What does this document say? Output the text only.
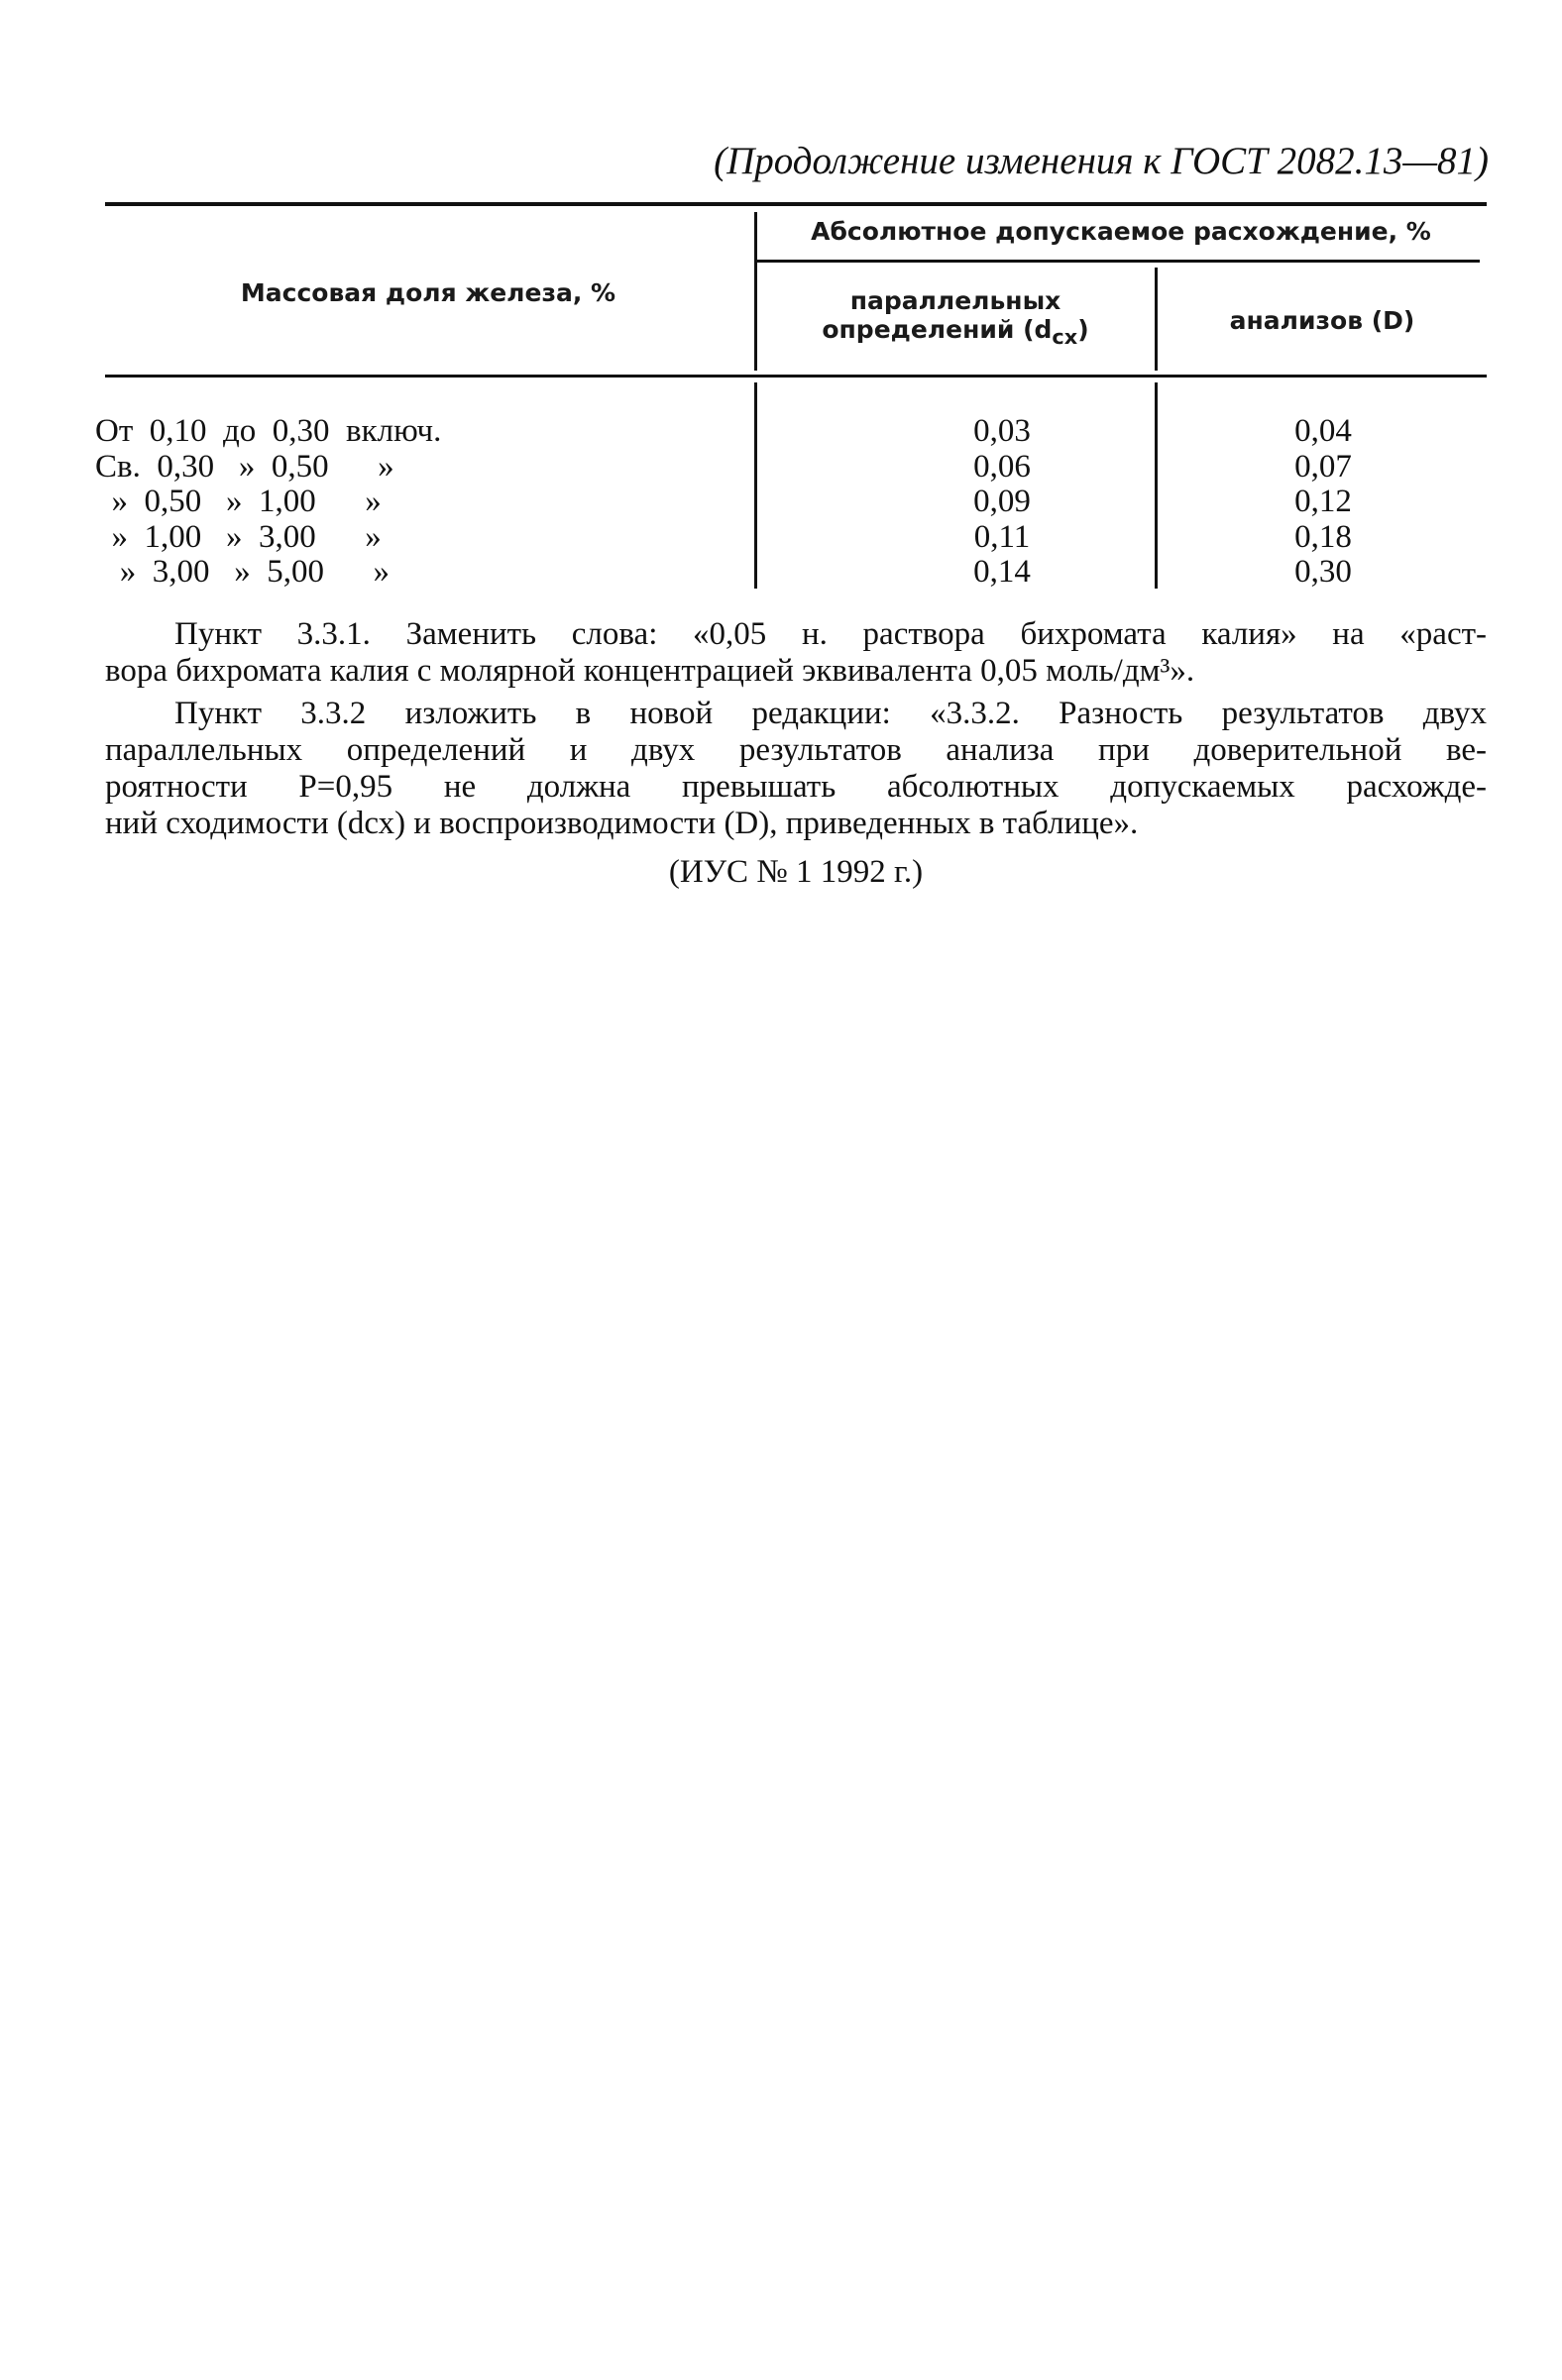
(Продолжение изменения к ГОСТ 2082.13—81)
Массовая доля железа, %
Абсолютное допускаемое расхождение, %
параллельных определений $(d_{сх})$	анализов (D)
От  0,10  до  0,30  включ.	0,03	0,04
Св.  0,30   »  0,50      »	0,06	0,07
»  0,50   »  1,00      »	0,09	0,12
»  1,00   »  3,00      »	0,11	0,18
»  3,00   »  5,00      »	0,14	0,30
Пункт 3.3.1. Заменить слова: «0,05 н. раствора бихромата калия» на «раст-
вора бихромата калия с молярной концентрацией эквивалента 0,05 моль/дм³».
Пункт 3.3.2 изложить в новой редакции: «3.3.2. Разность результатов двух
параллельных определений и двух результатов анализа при доверительной ве-
роятности P=0,95 не должна превышать абсолютных допускаемых расхожде-
ний сходимости (dсх) и воспроизводимости (D), приведенных в таблице».
(ИУС № 1 1992 г.)
